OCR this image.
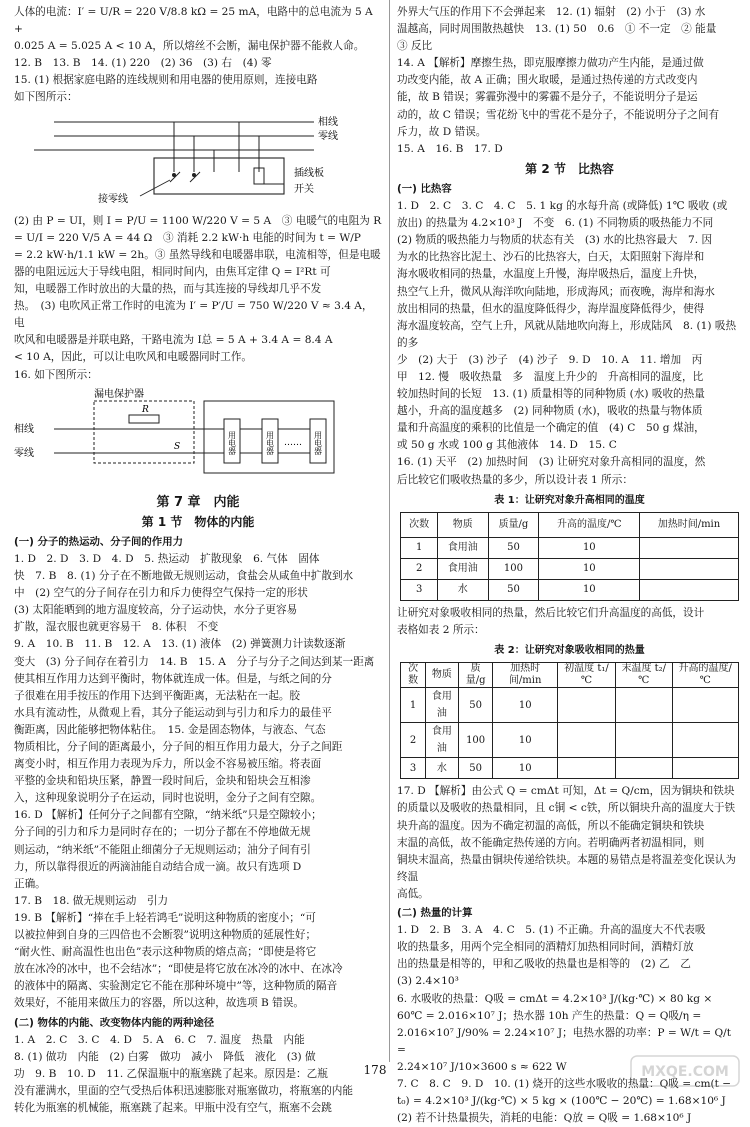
人体的电流：I′ = U/R = 220 V/8.8 kΩ = 25 mA，电路中的总电流为 5 A +

0.025 A = 5.025 A < 10 A，所以熔丝不会断，漏电保护器不能救人命。

12. B　13. B　14. (1) 220　(2) 36　(3) 右　(4) 零

15. (1) 根据家庭电路的连线规则和用电器的使用原则，连接电路

如下图所示：

相线
零线
插线板
开关
接零线

(2) 由 P = UI，则 I = P/U = 1100 W/220 V = 5 A　③ 电暖气的电阻为 R

= U/I = 220 V/5 A = 44 Ω　③ 消耗 2.2 kW·h 电能的时间为 t = W/P

= 2.2 kW·h/1.1 kW = 2h。③ 虽然导线和电暖器串联，电流相等，但是电暖

器的电阻远远大于导线电阻，相同时间内，由焦耳定律 Q = I²Rt 可

知，电暖器工作时放出的大量的热，而与其连接的导线却几乎不发

热。　(3) 电吹风正常工作时的电流为 I′ = P′/U = 750 W/220 V ≈ 3.4 A，电

吹风和电暖器是并联电路，干路电流为 I总 = 5 A + 3.4 A = 8.4 A

< 10 A，因此，可以让电吹风和电暖器同时工作。

16. 如下图所示：

漏电保护器
R
S
相线
零线	用电器	用电器	用电器
……
第 7 章　内能
第 1 节　物体的内能
(一) 分子的热运动、分子间的作用力

1. D　2. D　3. D　4. D　5. 热运动　扩散现象　6. 气体　固体

快　7. B　8. (1) 分子在不断地做无规则运动，食盐会从咸鱼中扩散到水

中　(2) 空气的分子间存在引力和斥力使得空气保持一定的形状

(3) 太阳能晒到的地方温度较高，分子运动快，水分子更容易

扩散，湿衣服也就更容易干　8. 体积　不变

9. A　10. B　11. B　12. A　13. (1) 液体　(2) 弹簧测力计读数逐渐

变大　(3) 分子间存在着引力　14. B　15. A　分子与分子之间达到某一距离

使其相互作用力达到平衡时，物体就连成一体。但是，与纸之间的分

子很难在用手按压的作用下达到平衡距离，无法粘在一起。胶

水具有流动性，从微观上看，其分子能运动到与引力和斥力的最佳平

衡距离，因此能够把物体粘住。　15. 金是固态物体，与液态、气态

物质相比，分子间的距离最小，分子间的相互作用力最大，分子之间距

离变小时，相互作用力表现为斥力，所以金不容易被压缩。将表面

平整的金块和铅块压紧，静置一段时间后，金块和铅块会互相渗

入，这种现象说明分子在运动，同时也说明，金分子之间有空隙。

16. D 【解析】任何分子之间都有空隙，“纳米纸”只是空隙较小；

分子间的引力和斥力是同时存在的；一切分子都在不停地做无规

则运动，“纳米纸”不能阻止细菌分子无规则运动；油分子间有引

力，所以靠得很近的两滴油能自动结合成一滴。故只有选项 D

正确。

17. B　18. 做无规则运动　引力

19. B 【解析】“捧在手上轻若鸿毛”说明这种物质的密度小；“可

以被拉伸到自身的三四倍也不会断裂”说明这种物质的延展性好；

“耐火性、耐高温性也出色”表示这种物质的熔点高；“即使是将它

放在冰冷的冰中，也不会结冰”；“即使是将它放在冰冷的冰中、在冰冷

的液体中的隔离、实验测定它不能在那种坏境中”等，这种物质的隔音

效果好，不能用来做压力的容器，所以这种，故选项 B 错误。

(二) 物体的内能、改变物体内能的两种途径

1. A　2. C　3. C　4. D　5. A　6. C　7. 温度　热量　内能

8. (1) 做功　内能　(2) 白雾　做功　减小　降低　液化　(3) 做

功　9. B　10. D　11. 乙保温瓶中的瓶塞跳了起来。原因是：乙瓶

没有灌满水，里面的空气受热后体积迅速膨胀对瓶塞做功，将瓶塞的内能

转化为瓶塞的机械能，瓶塞跳了起来。甲瓶中没有空气，瓶塞不会跳

外界大气压的作用下不会弹起来　12. (1) 辐射　(2) 小于　(3) 水

温越高，同时周围散热越快　13. (1) 50　0.6　① 不一定　② 能量

③ 反比

14. A 【解析】摩擦生热，即克服摩擦力做功产生内能，是通过做

功改变内能，故 A 正确；围火取暖，是通过热传递的方式改变内

能，故 B 错误；雾霾弥漫中的雾霾不是分子，不能说明分子是运

动的，故 C 错误；雪花纷飞中的雪花不是分子，不能说明分子之间有

斥力，故 D 错误。

15. A　16. B　17. D

第 2 节　比热容
(一) 比热容

1. D　2. C　3. C　4. C　5. 1 kg 的水每升高 (或降低) 1℃ 吸收 (或

放出) 的热量为 4.2×10³ J　不变　6. (1) 不同物质的吸热能力不同

(2) 物质的吸热能力与物质的状态有关　(3) 水的比热容最大　7. 因

为水的比热容比泥土、沙石的比热容大，白天，太阳照射下海岸和

海水吸收相同的热量，水温度上升慢，海岸吸热后，温度上升快，

热空气上升，微风从海洋吹向陆地，形成海风；而夜晚，海岸和海水

放出相同的热量，但水的温度降低得少，海岸温度降低得少，使得

海水温度较高，空气上升，风就从陆地吹向海上，形成陆风　8. (1) 吸热的多

少　(2) 大于　(3) 沙子　(4) 沙子　9. D　10. A　11. 增加　丙

甲　12. 慢　吸收热量　多　温度上升少的　升高相同的温度，比

较加热时间的长短　13. (1) 质量相等的同种物质 (水) 吸收的热量

越小，升高的温度越多　(2) 同种物质 (水)，吸收的热量与物体质

量和升高温度的乘积的比值是一个确定的值　(4) C　50 g 煤油，

或 50 g 水或 100 g 其他液体　14. D　15. C

16. (1) 天平　(2) 加热时间　(3) 让研究对象升高相同的温度，然

后比较它们吸收热量的多少，所以设计表 1 所示：

表 1：让研究对象升高相同的温度
次数	物质	质量/g	升高的温度/℃	加热时间/min
1	食用油	50	10	
2	食用油	100	10	
3	水	50	10	

让研究对象吸收相同的热量，然后比较它们升高温度的高低，设计

表格如表 2 所示：

表 2：让研究对象吸收相同的热量
次数	物质	质量/g	加热时间/min	初温度 t₁/℃	末温度 t₂/℃	升高的温度/℃
1	食用油	50	10			
2	食用油	100	10			
3	水	50	10			

17. D 【解析】由公式 Q = cmΔt 可知，Δt = Q/cm，因为铜块和铁块

的质量以及吸收的热量相同，且 c铜 < c铁，所以铜块升高的温度大于铁

块升高的温度。因为不确定初温的高低，所以不能确定铜块和铁块

末温的高低，故不能确定热传递的方向。若明确两者初温相同，则

铜块末温高，热量由铜块传递给铁块。本题的易错点是将温差变化误认为终温

高低。

(二) 热量的计算

1. D　2. B　3. A　4. C　5. (1) 不正确。升高的温度大不代表吸

收的热量多，用两个完全相同的酒精灯加热相同时间，酒精灯放

出的热量是相等的，甲和乙吸收的热量也是相等的　(2) 乙　乙

(3) 2.4×10³

6. 水吸收的热量：Q吸 = cmΔt = 4.2×10³ J/(kg·℃) × 80 kg ×

60℃ = 2.016×10⁷ J；热水器 10h 产生的热量：Q = Q吸/η =

2.016×10⁷ J/90% = 2.24×10⁷ J；电热水器的功率：P = W/t = Q/t =

2.24×10⁷ J/10×3600 s ≈ 622 W

7. C　8. C　9. D　10. (1) 烧开的这些水吸收的热量：Q吸 = cm(t −

t₀) = 4.2×10³ J/(kg·℃) × 5 kg × (100℃ − 20℃) = 1.68×10⁶ J

(2) 若不计热量损失，消耗的电能：Q放 = Q吸 = 1.68×10⁶ J

178	MXQE.COM
